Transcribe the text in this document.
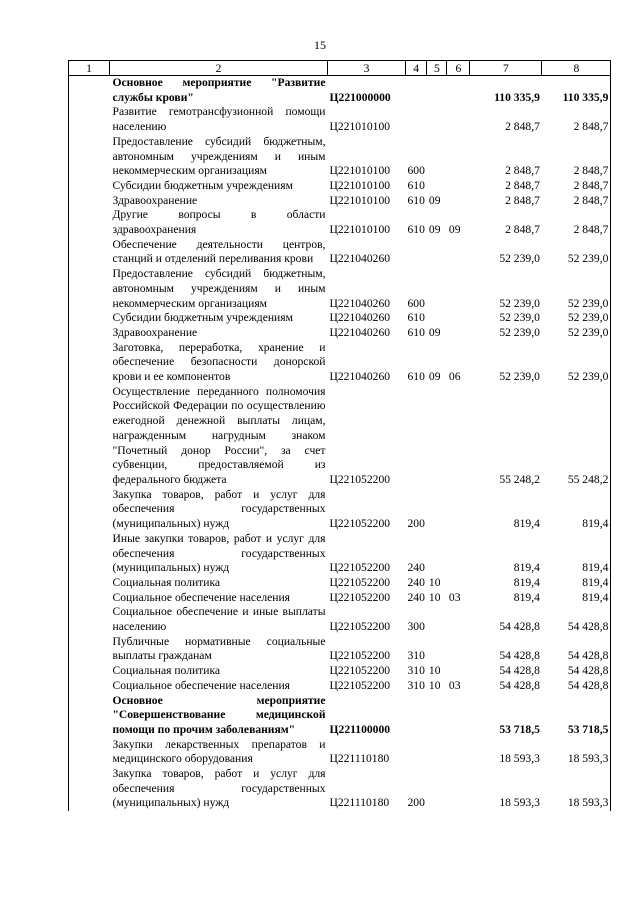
15
1	2	3	4	5	6	7	8
	Основное мероприятие "Развитие службы крови"	Ц221000000				110 335,9	110 335,9
	Развитие гемотрансфузионной помощи населению	Ц221010100				2 848,7	2 848,7
	Предоставление субсидий бюджетным, автономным учреждениям и иным некоммерческим организациям	Ц221010100	600			2 848,7	2 848,7
	Субсидии бюджетным учреждениям	Ц221010100	610			2 848,7	2 848,7
	Здравоохранение	Ц221010100	610	09		2 848,7	2 848,7
	Другие вопросы в области здравоохранения	Ц221010100	610	09	09	2 848,7	2 848,7
	Обеспечение деятельности центров, станций и отделений переливания крови	Ц221040260				52 239,0	52 239,0
	Предоставление субсидий бюджетным, автономным учреждениям и иным некоммерческим организациям	Ц221040260	600			52 239,0	52 239,0
	Субсидии бюджетным учреждениям	Ц221040260	610			52 239,0	52 239,0
	Здравоохранение	Ц221040260	610	09		52 239,0	52 239,0
	Заготовка, переработка, хранение и обеспечение безопасности донорской крови и ее компонентов	Ц221040260	610	09	06	52 239,0	52 239,0
	Осуществление переданного полномочия Российской Федерации по осуществлению ежегодной денежной выплаты лицам, награжденным нагрудным знаком "Почетный донор России", за счет субвенции, предоставляемой из федерального бюджета	Ц221052200				55 248,2	55 248,2
	Закупка товаров, работ и услуг для обеспечения государственных (муниципальных) нужд	Ц221052200	200			819,4	819,4
	Иные закупки товаров, работ и услуг для обеспечения государственных (муниципальных) нужд	Ц221052200	240			819,4	819,4
	Социальная политика	Ц221052200	240	10		819,4	819,4
	Социальное обеспечение населения	Ц221052200	240	10	03	819,4	819,4
	Социальное обеспечение и иные выплаты населению	Ц221052200	300			54 428,8	54 428,8
	Публичные нормативные социальные выплаты гражданам	Ц221052200	310			54 428,8	54 428,8
	Социальная политика	Ц221052200	310	10		54 428,8	54 428,8
	Социальное обеспечение населения	Ц221052200	310	10	03	54 428,8	54 428,8
	Основное мероприятие "Совершенствование медицинской помощи по прочим заболеваниям"	Ц221100000				53 718,5	53 718,5
	Закупки лекарственных препаратов и медицинского оборудования	Ц221110180				18 593,3	18 593,3
	Закупка товаров, работ и услуг для обеспечения государственных (муниципальных) нужд	Ц221110180	200			18 593,3	18 593,3
